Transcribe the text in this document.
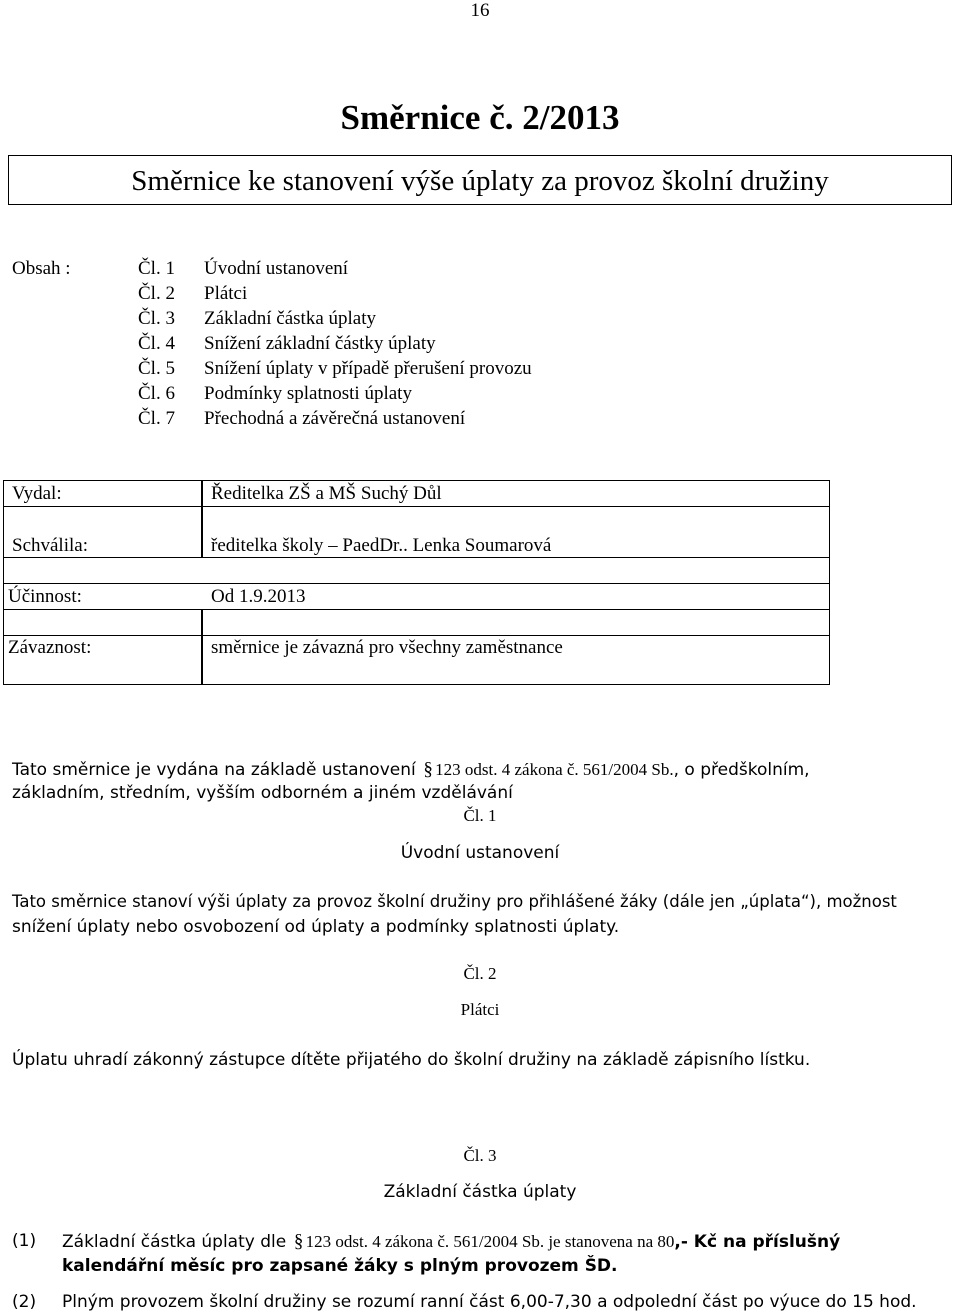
16
Směrnice č. 2/2013
Směrnice ke stanovení výše úplaty za provoz školní družiny
Obsah :	Čl. 1 Úvodní ustanovení
Čl. 2 Plátci
Čl. 3 Základní částka úplaty
Čl. 4 Snížení základní částky úplaty
Čl. 5 Snížení úplaty v případě přerušení provozu
Čl. 6 Podmínky splatnosti úplaty
Čl. 7 Přechodná a závěrečná ustanovení
Vydal:	Ředitelka ZŠ a MŠ Suchý Důl
Schválila:	ředitelka školy – PaedDr.. Lenka Soumarová
Účinnost:	Od 1.9.2013
Závaznost:	směrnice je závazná pro všechny zaměstnance
Tato směrnice je vydána na základě ustanovení § 123 odst. 4 zákona č. 561/2004 Sb., o předškolním,
základním, středním, vyšším odborném a jiném vzdělávání
Čl. 1
Úvodní ustanovení
Tato směrnice stanoví výši úplaty za provoz školní družiny pro přihlášené žáky (dále jen „úplata“), možnost
snížení úplaty nebo osvobození od úplaty a podmínky splatnosti úplaty.
Čl. 2
Plátci
Úplatu uhradí zákonný zástupce dítěte přijatého do školní družiny na základě zápisního lístku.
Čl. 3
Základní částka úplaty
(1) Základní částka úplaty dle § 123 odst. 4 zákona č. 561/2004 Sb. je stanovena na 80,- Kč na příslušný
kalendářní měsíc pro zapsané žáky s plným provozem ŠD.
(2) Plným provozem školní družiny se rozumí ranní část 6,00-7,30 a odpolední část po výuce do 15 hod.
